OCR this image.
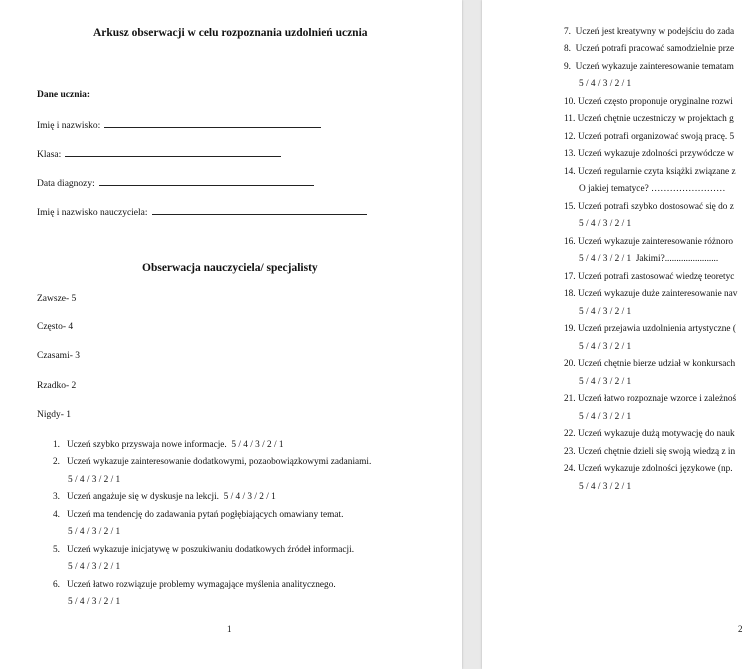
Arkusz obserwacji w celu rozpoznania uzdolnień ucznia
Dane ucznia:
Imię i nazwisko:
Klasa:
Data diagnozy:
Imię i nazwisko nauczyciela:
Obserwacja nauczyciela/ specjalisty
Zawsze- 5
Często- 4
Czasami- 3
Rzadko- 2
Nigdy- 1
1.   Uczeń szybko przyswaja nowe informacje.  5 / 4 / 3 / 2 / 1
2.   Uczeń wykazuje zainteresowanie dodatkowymi, pozaobowiązkowymi zadaniami.
5 / 4 / 3 / 2 / 1
3.   Uczeń angażuje się w dyskusje na lekcji.  5 / 4 / 3 / 2 / 1
4.   Uczeń ma tendencję do zadawania pytań pogłębiających omawiany temat.
5 / 4 / 3 / 2 / 1
5.   Uczeń wykazuje inicjatywę w poszukiwaniu dodatkowych źródeł informacji.
5 / 4 / 3 / 2 / 1
6.   Uczeń łatwo rozwiązuje problemy wymagające myślenia analitycznego.
5 / 4 / 3 / 2 / 1
1
7.  Uczeń jest kreatywny w podejściu do zada
8.  Uczeń potrafi pracować samodzielnie prze
9.  Uczeń wykazuje zainteresowanie tematam
5 / 4 / 3 / 2 / 1
10. Uczeń często proponuje oryginalne rozwi
11. Uczeń chętnie uczestniczy w projektach g
12. Uczeń potrafi organizować swoją pracę. 5
13. Uczeń wykazuje zdolności przywódcze w
14. Uczeń regularnie czyta książki związane z
O jakiej tematyce? ……………………
15. Uczeń potrafi szybko dostosować się do z
5 / 4 / 3 / 2 / 1
16. Uczeń wykazuje zainteresowanie różnoro
5 / 4 / 3 / 2 / 1  Jakimi?.......................
17. Uczeń potrafi zastosować wiedzę teoretyc
18. Uczeń wykazuje duże zainteresowanie nav
5 / 4 / 3 / 2 / 1
19. Uczeń przejawia uzdolnienia artystyczne (
5 / 4 / 3 / 2 / 1
20. Uczeń chętnie bierze udział w konkursach
5 / 4 / 3 / 2 / 1
21. Uczeń łatwo rozpoznaje wzorce i zależnoś
5 / 4 / 3 / 2 / 1
22. Uczeń wykazuje dużą motywację do nauk
23. Uczeń chętnie dzieli się swoją wiedzą z in
24. Uczeń wykazuje zdolności językowe (np.
5 / 4 / 3 / 2 / 1
2
